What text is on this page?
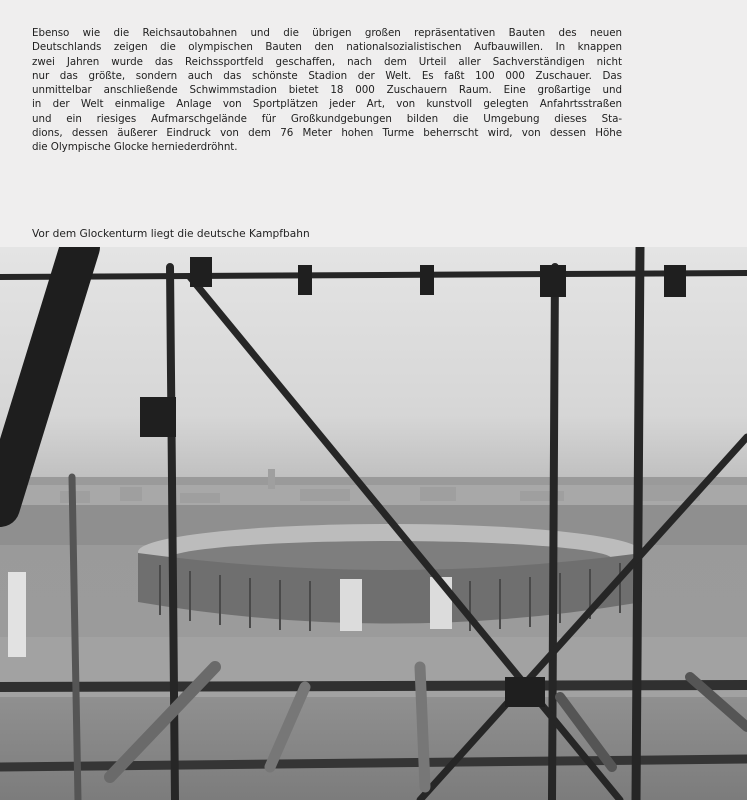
Ebenso wie die Reichsautobahnen und die übrigen großen repräsentativen Bauten des neuen
Deutschlands zeigen die olympischen Bauten den nationalsozialistischen Aufbauwillen. In knappen
zwei Jahren wurde das Reichssportfeld geschaffen, nach dem Urteil aller Sachverständigen nicht
nur das größte, sondern auch das schönste Stadion der Welt. Es faßt 100 000 Zuschauer. Das
unmittelbar anschließende Schwimmstadion bietet 18 000 Zuschauern Raum. Eine großartige und
in der Welt einmalige Anlage von Sportplätzen jeder Art, von kunstvoll gelegten Anfahrtsstraßen
und ein riesiges Aufmarschgelände für Großkundgebungen bilden die Umgebung dieses Sta-
dions, dessen äußerer Eindruck von dem 76 Meter hohen Turme beherrscht wird, von dessen Höhe
die Olympische Glocke herniederdröhnt.

Vor dem Glockenturm liegt die deutsche Kampfbahn
